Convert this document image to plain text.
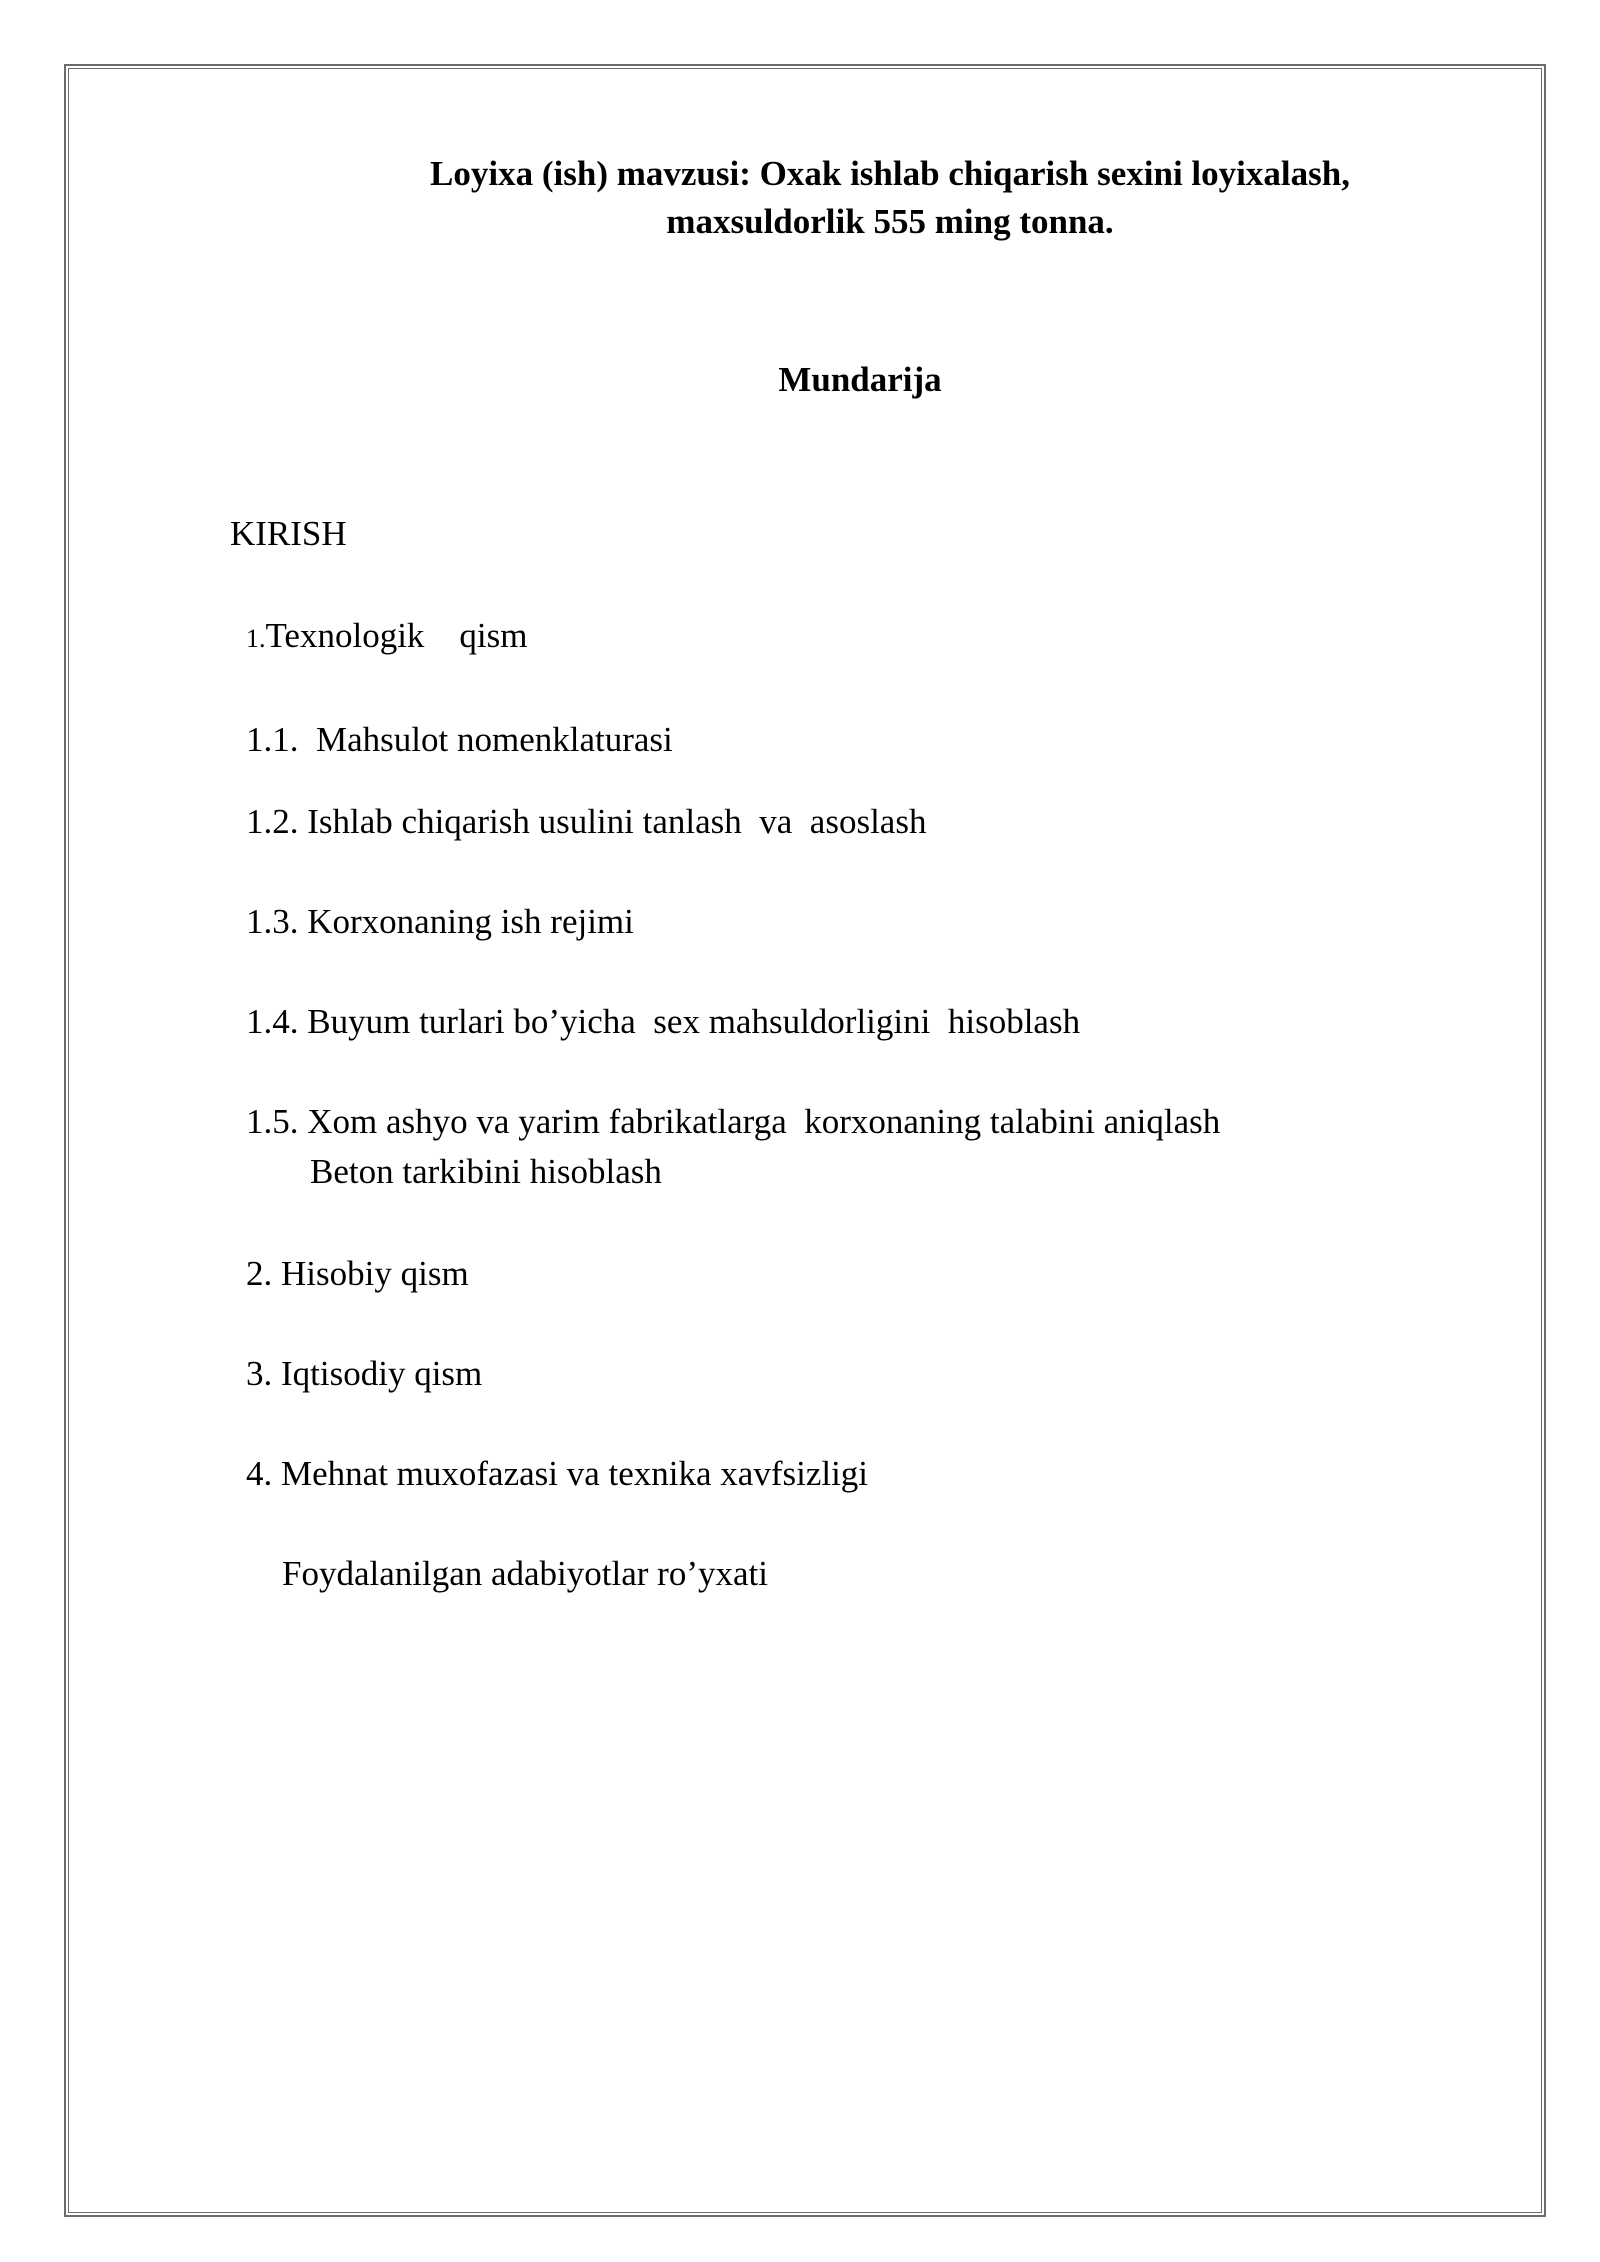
Loyixa (ish) mavzusi: Oxak ishlab chiqarish sexini loyixalash,
maxsuldorlik 555 ming tonna.
Mundarija
KIRISH
1.Texnologik    qism
1.1.  Mahsulot nomenklaturasi
1.2. Ishlab chiqarish usulini tanlash  va  asoslash
1.3. Korxonaning ish rejimi
1.4. Buyum turlari bo’yicha  sex mahsuldorligini  hisoblash
1.5. Xom ashyo va yarim fabrikatlarga  korxonaning talabini aniqlash
Beton tarkibini hisoblash
2. Hisobiy qism
3. Iqtisodiy qism
4. Mehnat muxofazasi va texnika xavfsizligi
Foydalanilgan adabiyotlar ro’yxati
